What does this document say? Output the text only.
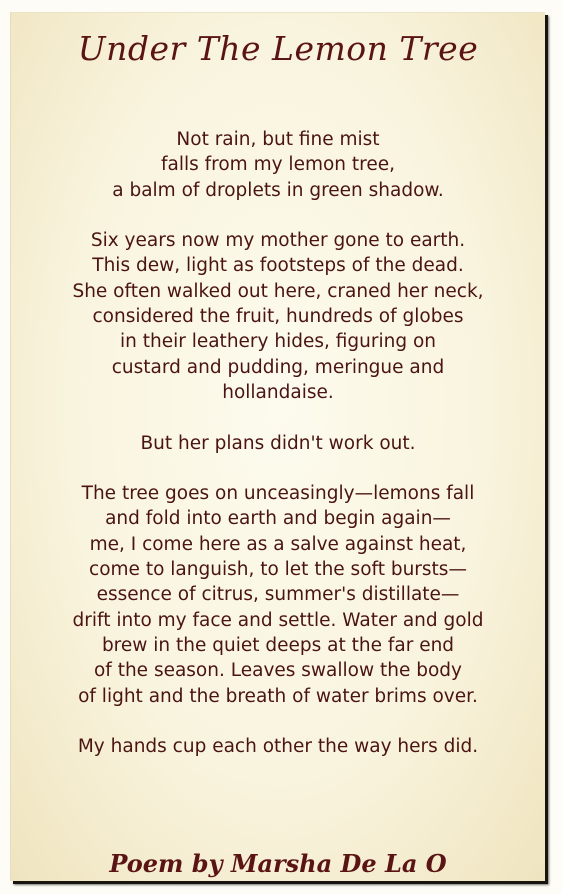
Under The Lemon Tree

Not rain, but fine mist
falls from my lemon tree,
a balm of droplets in green shadow.

Six years now my mother gone to earth.
This dew, light as footsteps of the dead.
She often walked out here, craned her neck,
considered the fruit, hundreds of globes
in their leathery hides, figuring on
custard and pudding, meringue and
hollandaise.

But her plans didn't work out.

The tree goes on unceasingly—lemons fall
and fold into earth and begin again—
me, I come here as a salve against heat,
come to languish, to let the soft bursts—
essence of citrus, summer's distillate—
drift into my face and settle. Water and gold
brew in the quiet deeps at the far end
of the season. Leaves swallow the body
of light and the breath of water brims over.

My hands cup each other the way hers did.

Poem by Marsha De La O
